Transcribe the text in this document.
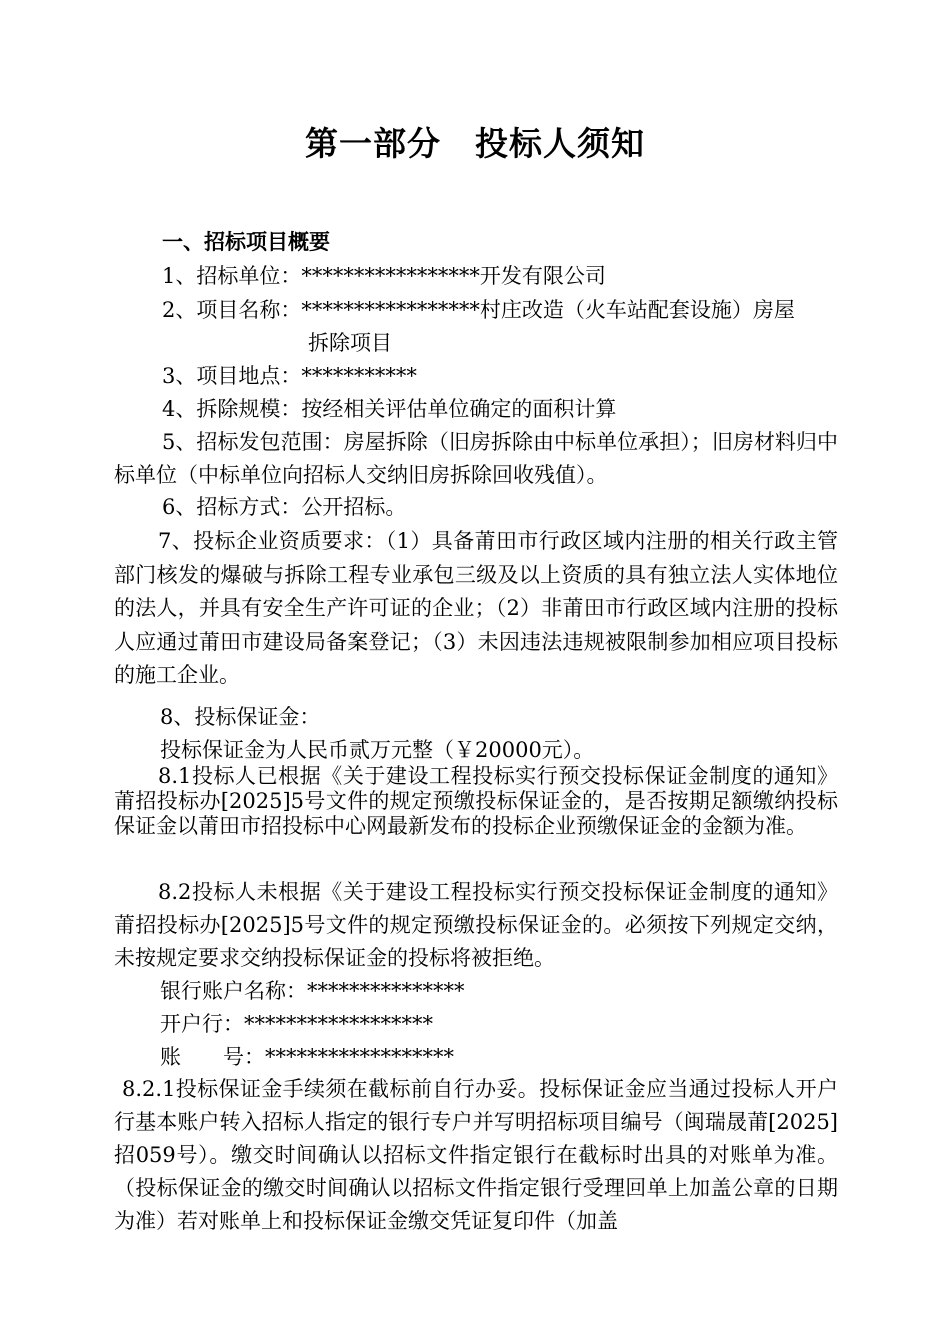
第一部分　投标人须知
一、招标项目概要

1、招标单位：*****************开发有限公司

2、项目名称：*****************村庄改造（火车站配套设施）房屋

拆除项目

3、项目地点：***********

4、拆除规模：按经相关评估单位确定的面积计算

5、招标发包范围：房屋拆除（旧房拆除由中标单位承担）；旧房材料归中标单位（中标单位向招标人交纳旧房拆除回收残值）。

6、招标方式：公开招标。

7、投标企业资质要求：（1）具备莆田市行政区域内注册的相关行政主管部门核发的爆破与拆除工程专业承包三级及以上资质的具有独立法人实体地位的法人，并具有安全生产许可证的企业；（2）非莆田市行政区域内注册的投标人应通过莆田市建设局备案登记；（3）未因违法违规被限制参加相应项目投标的施工企业。

8、投标保证金：

投标保证金为人民币贰万元整（￥20000元）。

8.1投标人已根据《关于建设工程投标实行预交投标保证金制度的通知》莆招投标办[2025]5号文件的规定预缴投标保证金的，是否按期足额缴纳投标保证金以莆田市招投标中心网最新发布的投标企业预缴保证金的金额为准。

8.2投标人未根据《关于建设工程投标实行预交投标保证金制度的通知》莆招投标办[2025]5号文件的规定预缴投标保证金的。必须按下列规定交纳，未按规定要求交纳投标保证金的投标将被拒绝。

银行账户名称：***************

开户行：******************

账　　号：******************

8.2.1投标保证金手续须在截标前自行办妥。投标保证金应当通过投标人开户行基本账户转入招标人指定的银行专户并写明招标项目编号（闽瑞晟莆[2025]招059号）。缴交时间确认以招标文件指定银行在截标时出具的对账单为准。（投标保证金的缴交时间确认以招标文件指定银行受理回单上加盖公章的日期为准）若对账单上和投标保证金缴交凭证复印件（加盖
